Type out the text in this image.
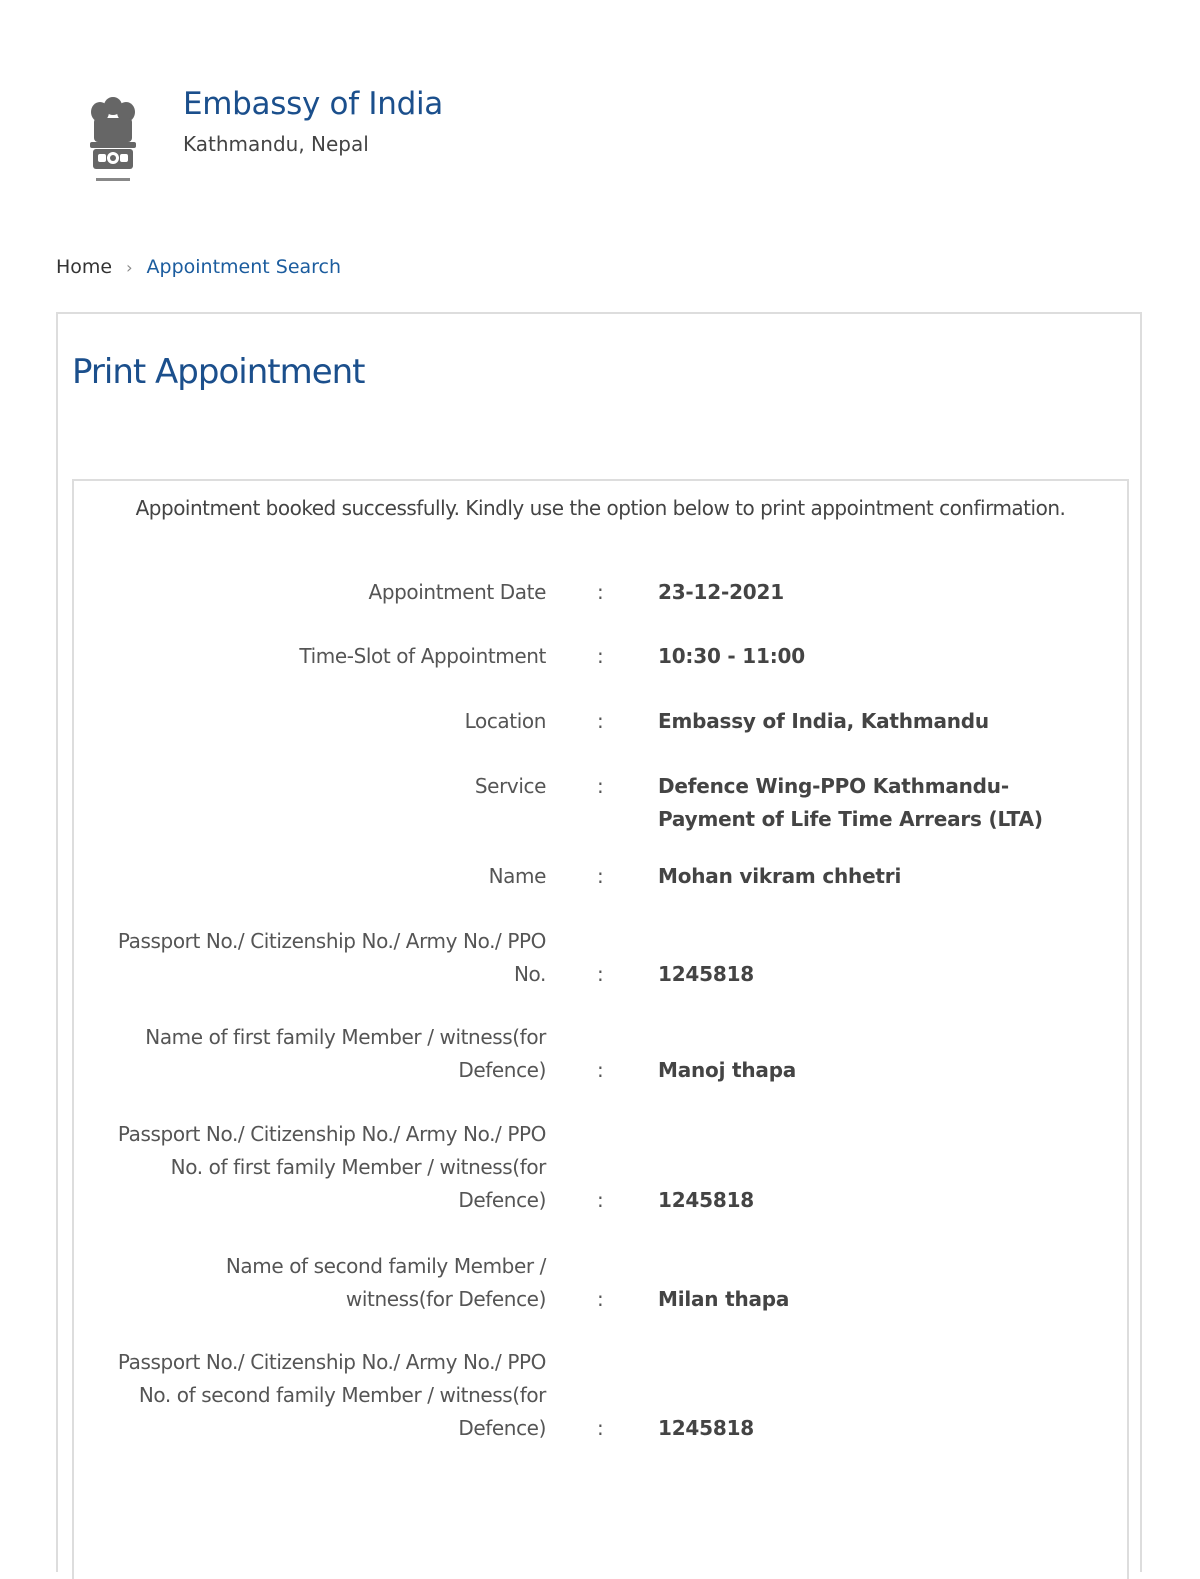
Embassy of India
Kathmandu, Nepal
Home › Appointment Search
Print Appointment
Appointment booked successfully. Kindly use the option below to print appointment confirmation.
Appointment Date	:	23-12-2021
Time-Slot of Appointment	:	10:30 - 11:00
Location	:	Embassy of India, Kathmandu
Service	:	Defence Wing-PPO Kathmandu- Payment of Life Time Arrears (LTA)
Name	:	Mohan vikram chhetri
Passport No./ Citizenship No./ Army No./ PPO No.	:	1245818
Name of first family Member / witness(for Defence)	:	Manoj thapa
Passport No./ Citizenship No./ Army No./ PPO No. of first family Member / witness(for Defence)	:	1245818
Name of second family Member / witness(for Defence)	:	Milan thapa
Passport No./ Citizenship No./ Army No./ PPO No. of second family Member / witness(for Defence)	:	1245818
